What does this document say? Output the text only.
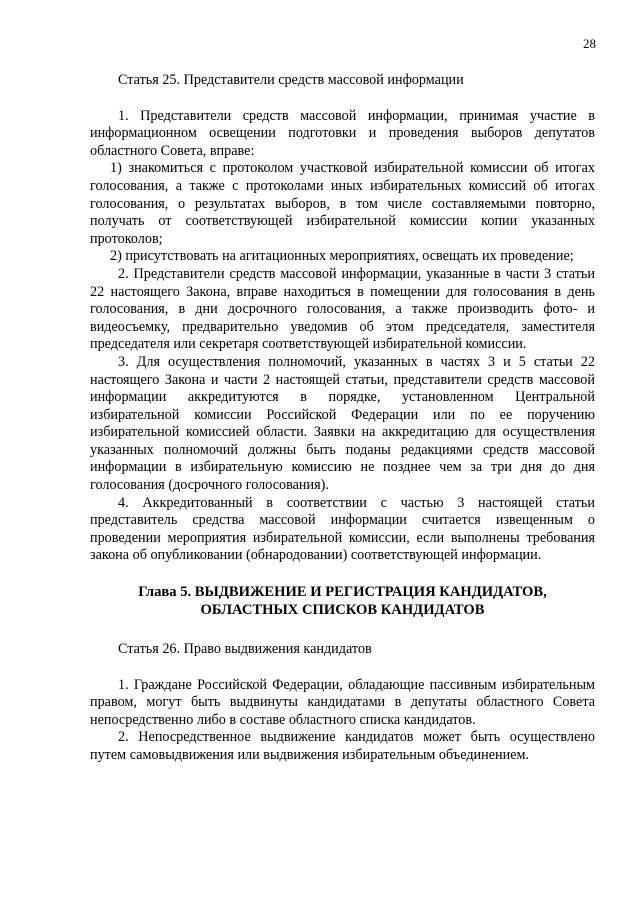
28
Статья 25. Представители средств массовой информации

1. Представители средств массовой информации, принимая участие в информационном освещении подготовки и проведения выборов депутатов областного Совета, вправе:

1) знакомиться с протоколом участковой избирательной комиссии об итогах голосования, а также с протоколами иных избирательных комиссий об итогах голосования, о результатах выборов, в том числе составляемыми повторно, получать от соответствующей избирательной комиссии копии указанных протоколов;

2) присутствовать на агитационных мероприятиях, освещать их проведение;

2. Представители средств массовой информации, указанные в части 3 статьи 22 настоящего Закона, вправе находиться в помещении для голосования в день голосования, в дни досрочного голосования, а также производить фото- и видеосъемку, предварительно уведомив об этом председателя, заместителя председателя или секретаря соответствующей избирательной комиссии.

3. Для осуществления полномочий, указанных в частях 3 и 5 статьи 22 настоящего Закона и части 2 настоящей статьи, представители средств массовой информации аккредитуются в порядке, установленном Центральной избирательной комиссии Российской Федерации или по ее поручению избирательной комиссией области. Заявки на аккредитацию для осуществления указанных полномочий должны быть поданы редакциями средств массовой информации в избирательную комиссию не позднее чем за три дня до дня голосования (досрочного голосования).

4. Аккредитованный в соответствии с частью 3 настоящей статьи представитель средства массовой информации считается извещенным о проведении мероприятия избирательной комиссии, если выполнены требования закона об опубликовании (обнародовании) соответствующей информации.

Глава 5. ВЫДВИЖЕНИЕ И РЕГИСТРАЦИЯ КАНДИДАТОВ,
ОБЛАСТНЫХ СПИСКОВ КАНДИДАТОВ
Статья 26. Право выдвижения кандидатов

1. Граждане Российской Федерации, обладающие пассивным избирательным правом, могут быть выдвинуты кандидатами в депутаты областного Совета непосредственно либо в составе областного списка кандидатов.

2. Непосредственное выдвижение кандидатов может быть осуществлено путем самовыдвижения или выдвижения избирательным объединением.
